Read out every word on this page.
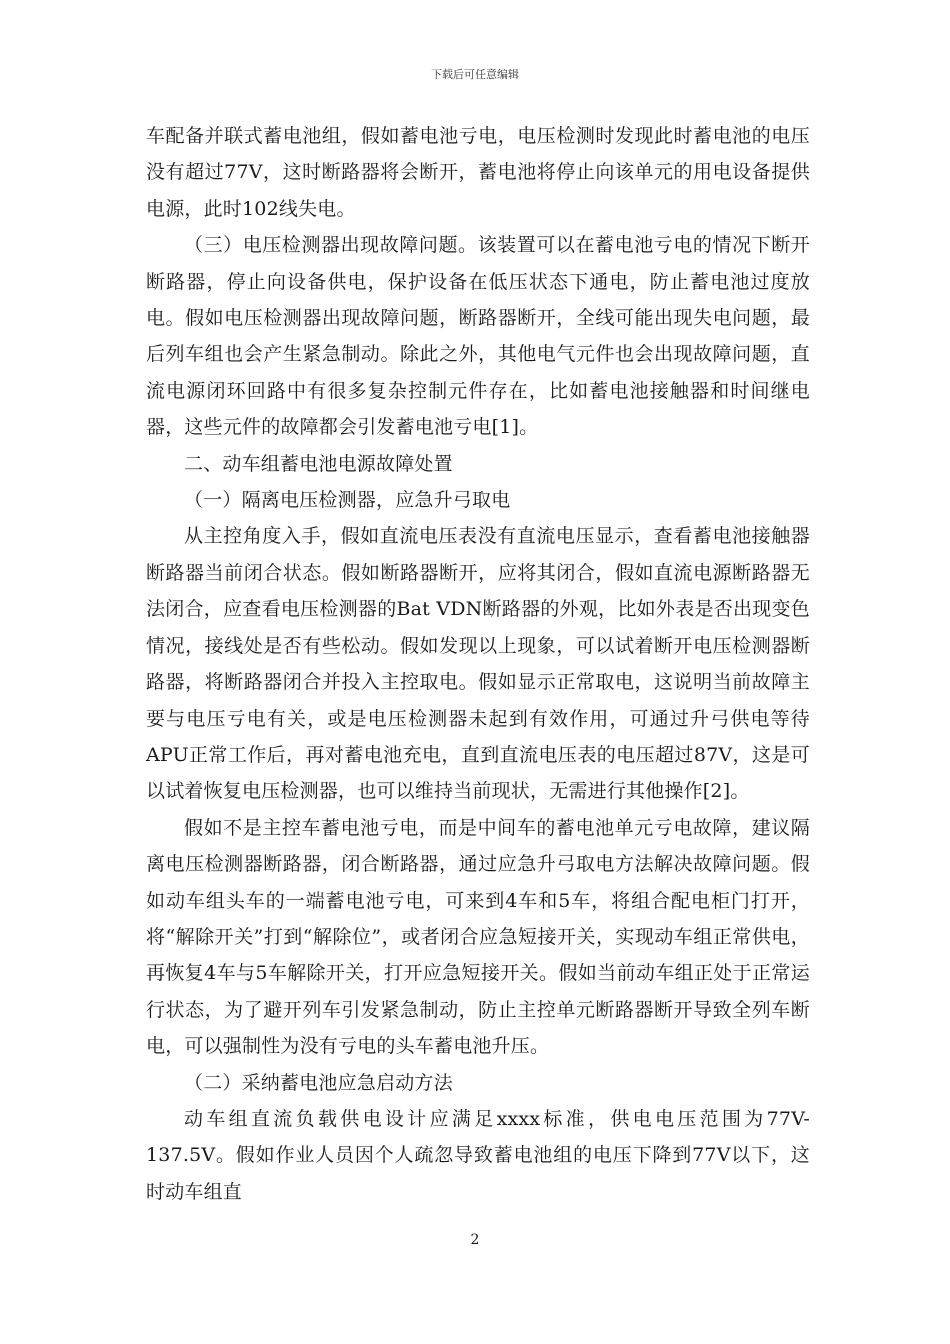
下载后可任意编辑

车配备并联式蓄电池组，假如蓄电池亏电，电压检测时发现此时蓄电池的电压没有超过77V，这时断路器将会断开，蓄电池将停止向该单元的用电设备提供电源，此时102线失电。

（三）电压检测器出现故障问题。该装置可以在蓄电池亏电的情况下断开断路器，停止向设备供电，保护设备在低压状态下通电，防止蓄电池过度放电。假如电压检测器出现故障问题，断路器断开，全线可能出现失电问题，最后列车组也会产生紧急制动。除此之外，其他电气元件也会出现故障问题，直流电源闭环回路中有很多复杂控制元件存在，比如蓄电池接触器和时间继电器，这些元件的故障都会引发蓄电池亏电[1]。

二、动车组蓄电池电源故障处置

（一）隔离电压检测器，应急升弓取电

从主控角度入手，假如直流电压表没有直流电压显示，查看蓄电池接触器断路器当前闭合状态。假如断路器断开，应将其闭合，假如直流电源断路器无法闭合，应查看电压检测器的Bat VDN断路器的外观，比如外表是否出现变色情况，接线处是否有些松动。假如发现以上现象，可以试着断开电压检测器断路器，将断路器闭合并投入主控取电。假如显示正常取电，这说明当前故障主要与电压亏电有关，或是电压检测器未起到有效作用，可通过升弓供电等待APU正常工作后，再对蓄电池充电，直到直流电压表的电压超过87V，这是可以试着恢复电压检测器，也可以维持当前现状，无需进行其他操作[2]。

假如不是主控车蓄电池亏电，而是中间车的蓄电池单元亏电故障，建议隔离电压检测器断路器，闭合断路器，通过应急升弓取电方法解决故障问题。假如动车组头车的一端蓄电池亏电，可来到4车和5车，将组合配电柜门打开，将“解除开关”打到“解除位”，或者闭合应急短接开关，实现动车组正常供电，再恢复4车与5车解除开关，打开应急短接开关。假如当前动车组正处于正常运行状态，为了避开列车引发紧急制动，防止主控单元断路器断开导致全列车断电，可以强制性为没有亏电的头车蓄电池升压。

（二）采纳蓄电池应急启动方法

动车组直流负载供电设计应满足xxxx标准，供电电压范围为77V-137.5V。假如作业人员因个人疏忽导致蓄电池组的电压下降到77V以下，这时动车组直

2
